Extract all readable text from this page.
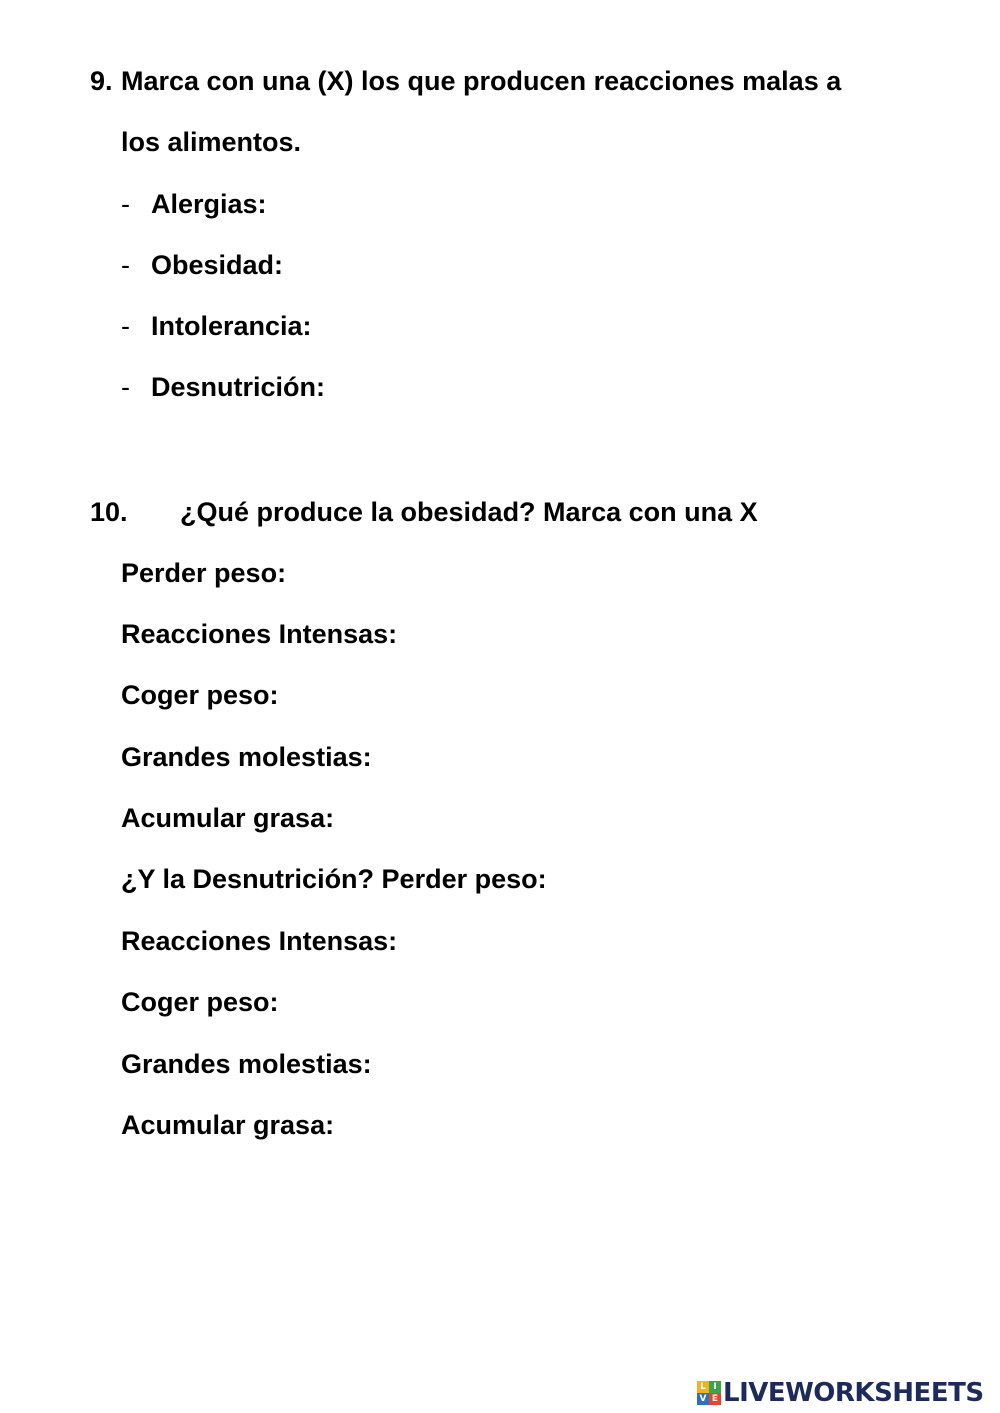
9. Marca con una (X) los que producen reacciones malas a
los alimentos.
- Alergias:
- Obesidad:
- Intolerancia:
- Desnutrición:
10. ¿Qué produce la obesidad? Marca con una X
Perder peso:
Reacciones Intensas:
Coger peso:
Grandes molestias:
Acumular grasa:
¿Y la Desnutrición? Perder peso:
Reacciones Intensas:
Coger peso:
Grandes molestias:
Acumular grasa:
L I
V E LIVEWORKSHEETS
